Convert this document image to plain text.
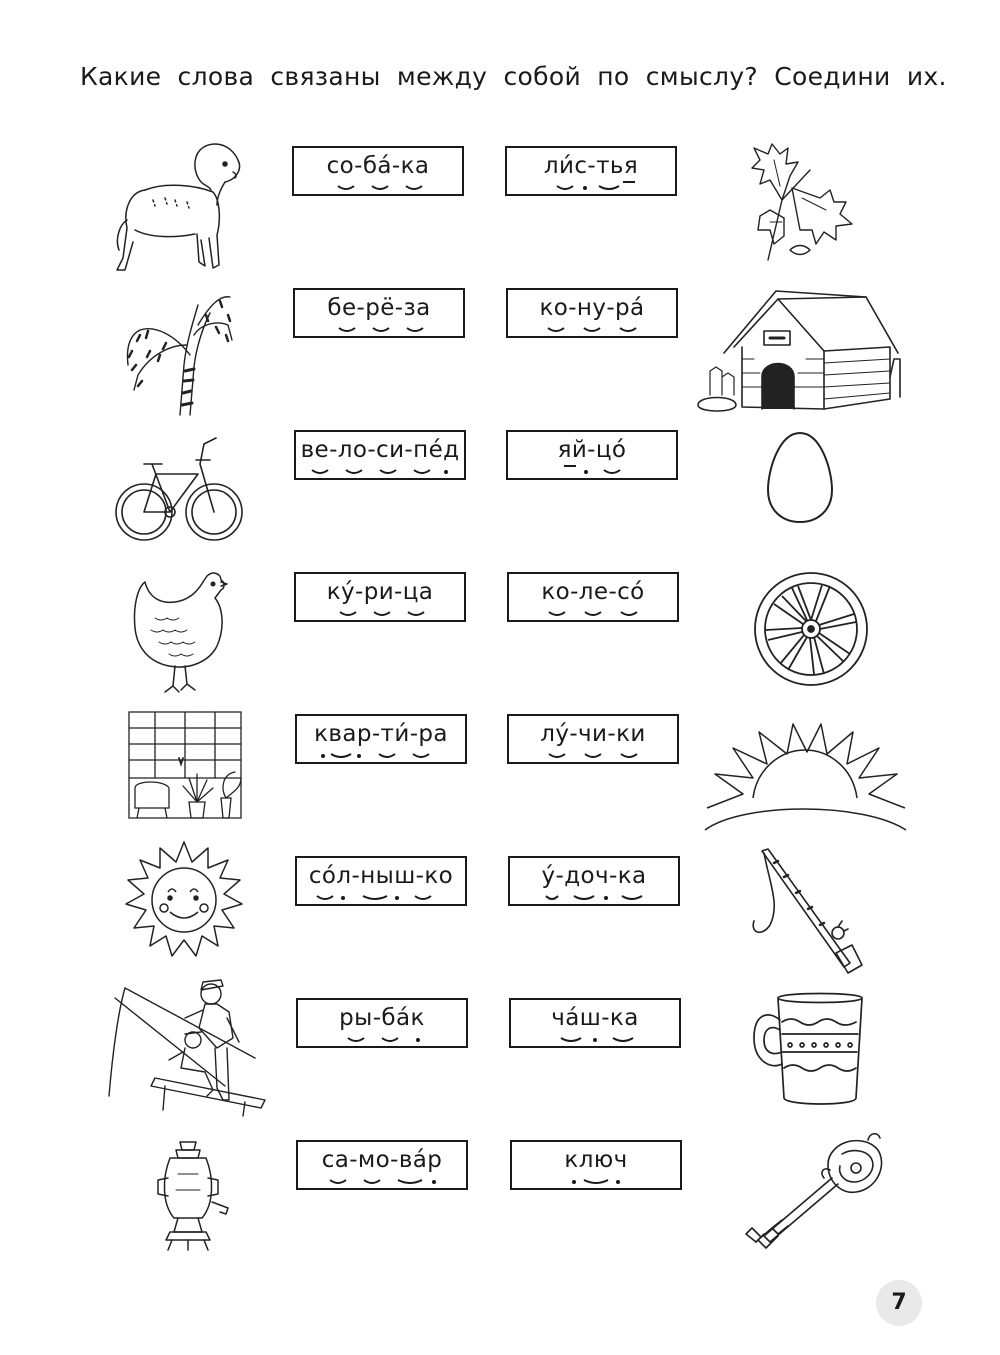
Какие слова связаны между собой по смыслу? Соедини их.
со-ба́-ка
бе-рё-за
ве-ло-си-пе́д
ку́-ри-ца
квар-ти́-ра
со́л-ныш-ко
ры-ба́к
са-мо-ва́р
ли́с-тья
ко-ну-ра́
яй-цо́
ко-ле-со́
лу́-чи-ки
у́-доч-ка
ча́ш-ка
ключ
7
